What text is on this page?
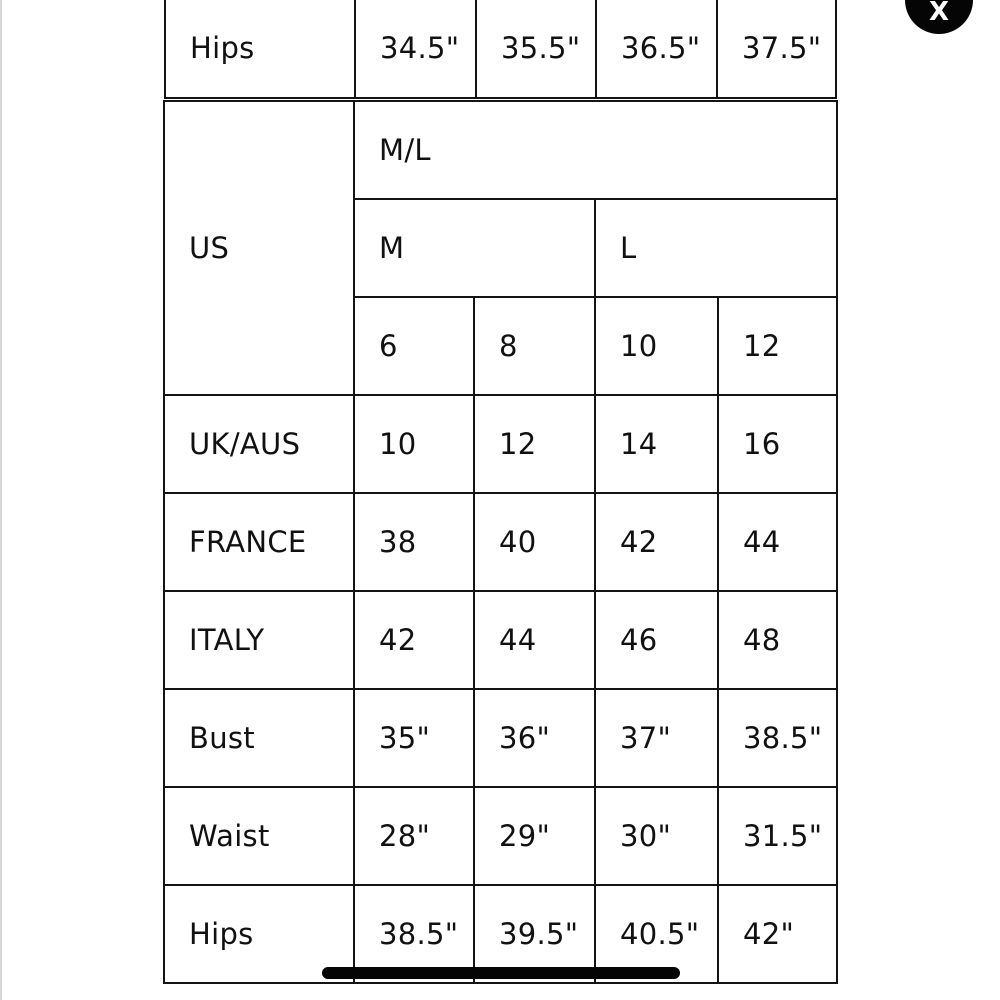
Hips	34.5"	35.5"	36.5"	37.5"
US	M/L			
	M		L	
	6	8	10	12
UK/AUS	10	12	14	16
FRANCE	38	40	42	44
ITALY	42	44	46	48
Bust	35"	36"	37"	38.5"
Waist	28"	29"	30"	31.5"
Hips	38.5"	39.5"	40.5"	42"
X
